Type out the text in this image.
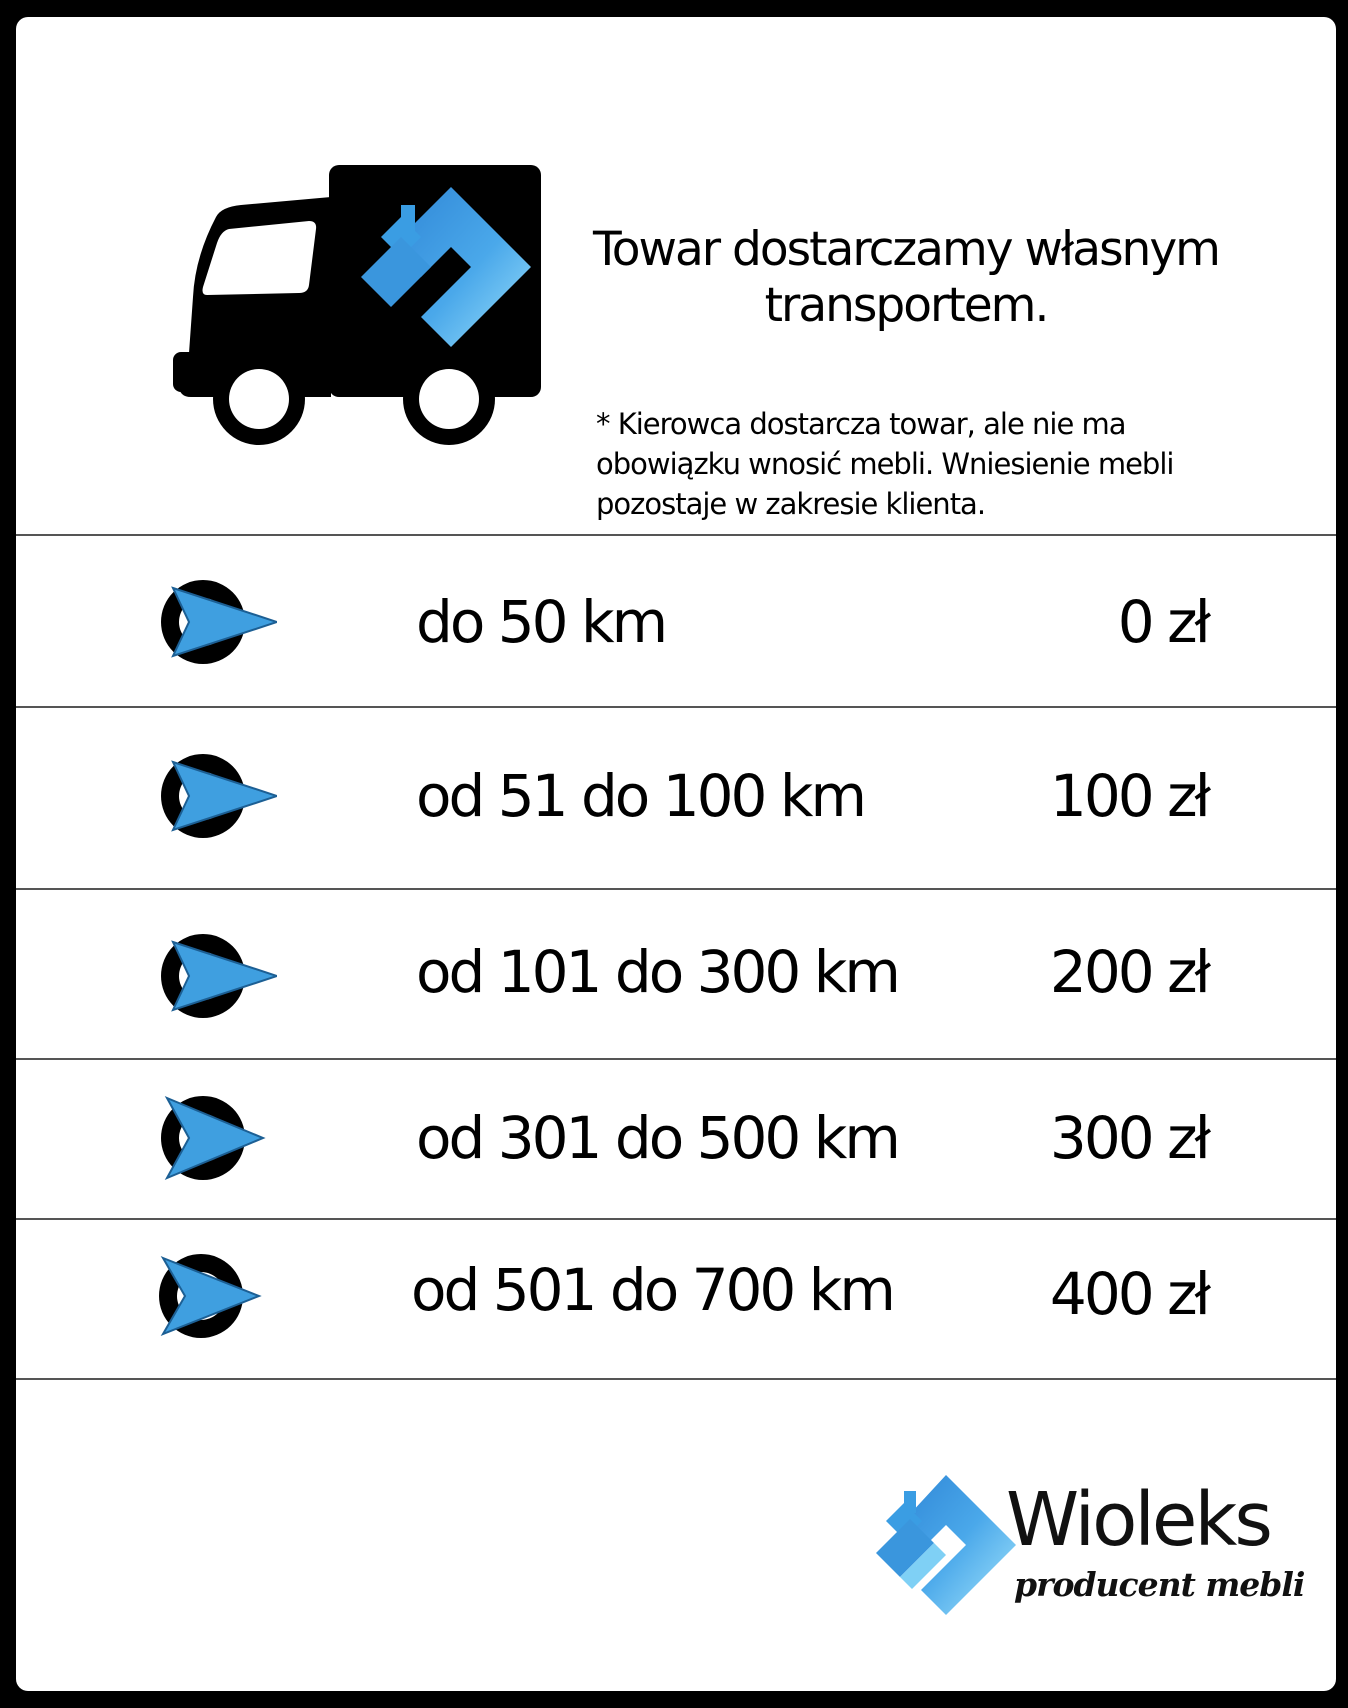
Towar dostarczamy własnym transportem.

* Kierowca dostarcza towar, ale nie ma obowiązku wnosić mebli. Wniesienie mebli pozostaje w zakresie klienta.

do 50 km	0 zł
od 51 do 100 km	100 zł
od 101 do 300 km	200 zł
od 301 do 500 km	300 zł
od 501 do 700 km	400 zł
Wioleks
producent mebli
